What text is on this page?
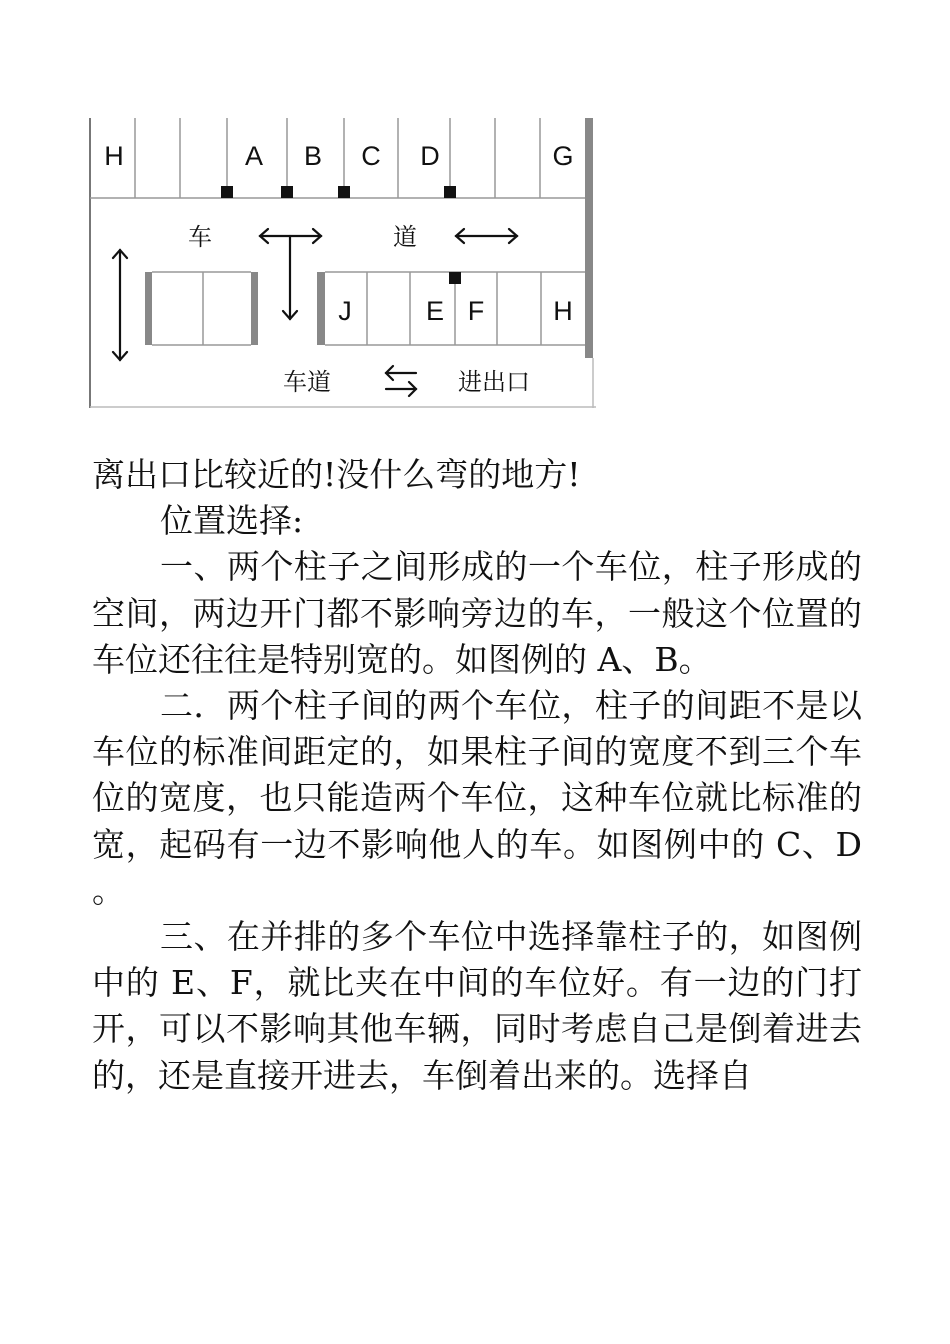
H	A B C D	G
车	道
J	E F	H
车道	进出口

离出口比较近的!没什么弯的地方!

位置选择:

一、两个柱子之间形成的一个车位，柱子形成的空间，两边开门都不影响旁边的车，一般这个位置的车位还往往是特别宽的。如图例的 A、B。

二．两个柱子间的两个车位，柱子的间距不是以车位的标准间距定的，如果柱子间的宽度不到三个车位的宽度，也只能造两个车位，这种车位就比标准的宽，起码有一边不影响他人的车。如图例中的 C、D。

三、在并排的多个车位中选择靠柱子的，如图例中的 E、F，就比夹在中间的车位好。有一边的门打开，可以不影响其他车辆，同时考虑自己是倒着进去的，还是直接开进去，车倒着出来的。选择自
